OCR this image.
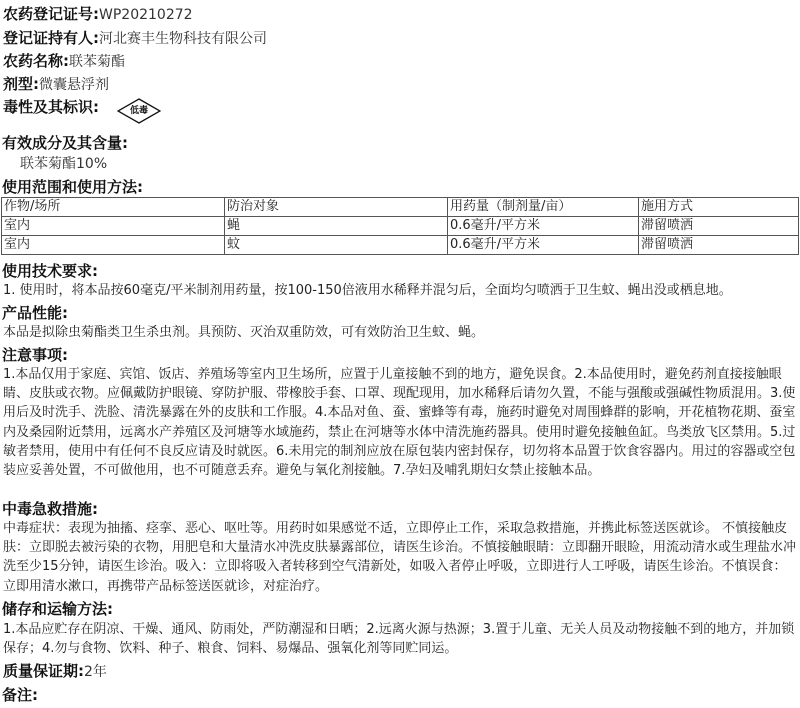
农药登记证号:WP20210272
登记证持有人:河北赛丰生物科技有限公司
农药名称:联苯菊酯
剂型:微囊悬浮剂
毒性及其标识:	低毒
有效成分及其含量:
联苯菊酯10%
使用范围和使用方法:
作物/场所	防治对象	用药量（制剂量/亩）	施用方式
室内	蝇	0.6毫升/平方米	滞留喷洒
室内	蚊	0.6毫升/平方米	滞留喷洒
使用技术要求:

1. 使用时，将本品按60毫克/平米制剂用药量，按100-150倍液用水稀释并混匀后，全面均匀喷洒于卫生蚊、蝇出没或栖息地。

产品性能:

本品是拟除虫菊酯类卫生杀虫剂。具预防、灭治双重防效，可有效防治卫生蚊、蝇。

注意事项:

1.本品仅用于家庭、宾馆、饭店、养殖场等室内卫生场所，应置于儿童接触不到的地方，避免误食。2.本品使用时，避免药剂直接接触眼睛、皮肤或衣物。应佩戴防护眼镜、穿防护服、带橡胶手套、口罩、现配现用，加水稀释后请勿久置，不能与强酸或强碱性物质混用。3.使用后及时洗手、洗脸、清洗暴露在外的皮肤和工作服。4.本品对鱼、蚕、蜜蜂等有毒，施药时避免对周围蜂群的影响，开花植物花期、蚕室内及桑园附近禁用，远离水产养殖区及河塘等水域施药，禁止在河塘等水体中清洗施药器具。使用时避免接触鱼缸。鸟类放飞区禁用。5.过敏者禁用，使用中有任何不良反应请及时就医。6.未用完的制剂应放在原包装内密封保存，切勿将本品置于饮食容器内。用过的容器或空包装应妥善处置，不可做他用，也不可随意丢弃。避免与氧化剂接触。7.孕妇及哺乳期妇女禁止接触本品。

中毒急救措施:

中毒症状：表现为抽搐、痉挛、恶心、呕吐等。用药时如果感觉不适，立即停止工作，采取急救措施，并携此标签送医就诊。 不慎接触皮肤：立即脱去被污染的衣物，用肥皂和大量清水冲洗皮肤暴露部位，请医生诊治。不慎接触眼睛：立即翻开眼睑，用流动清水或生理盐水冲洗至少15分钟，请医生诊治。吸入：立即将吸入者转移到空气清新处，如吸入者停止呼吸，立即进行人工呼吸，请医生诊治。不慎误食：立即用清水漱口，再携带产品标签送医就诊，对症治疗。

储存和运输方法:

1.本品应贮存在阴凉、干燥、通风、防雨处，严防潮湿和日晒；2.远离火源与热源；3.置于儿童、无关人员及动物接触不到的地方，并加锁保存；4.勿与食物、饮料、种子、粮食、饲料、易爆品、强氧化剂等同贮同运。

质量保证期:2年
备注:
